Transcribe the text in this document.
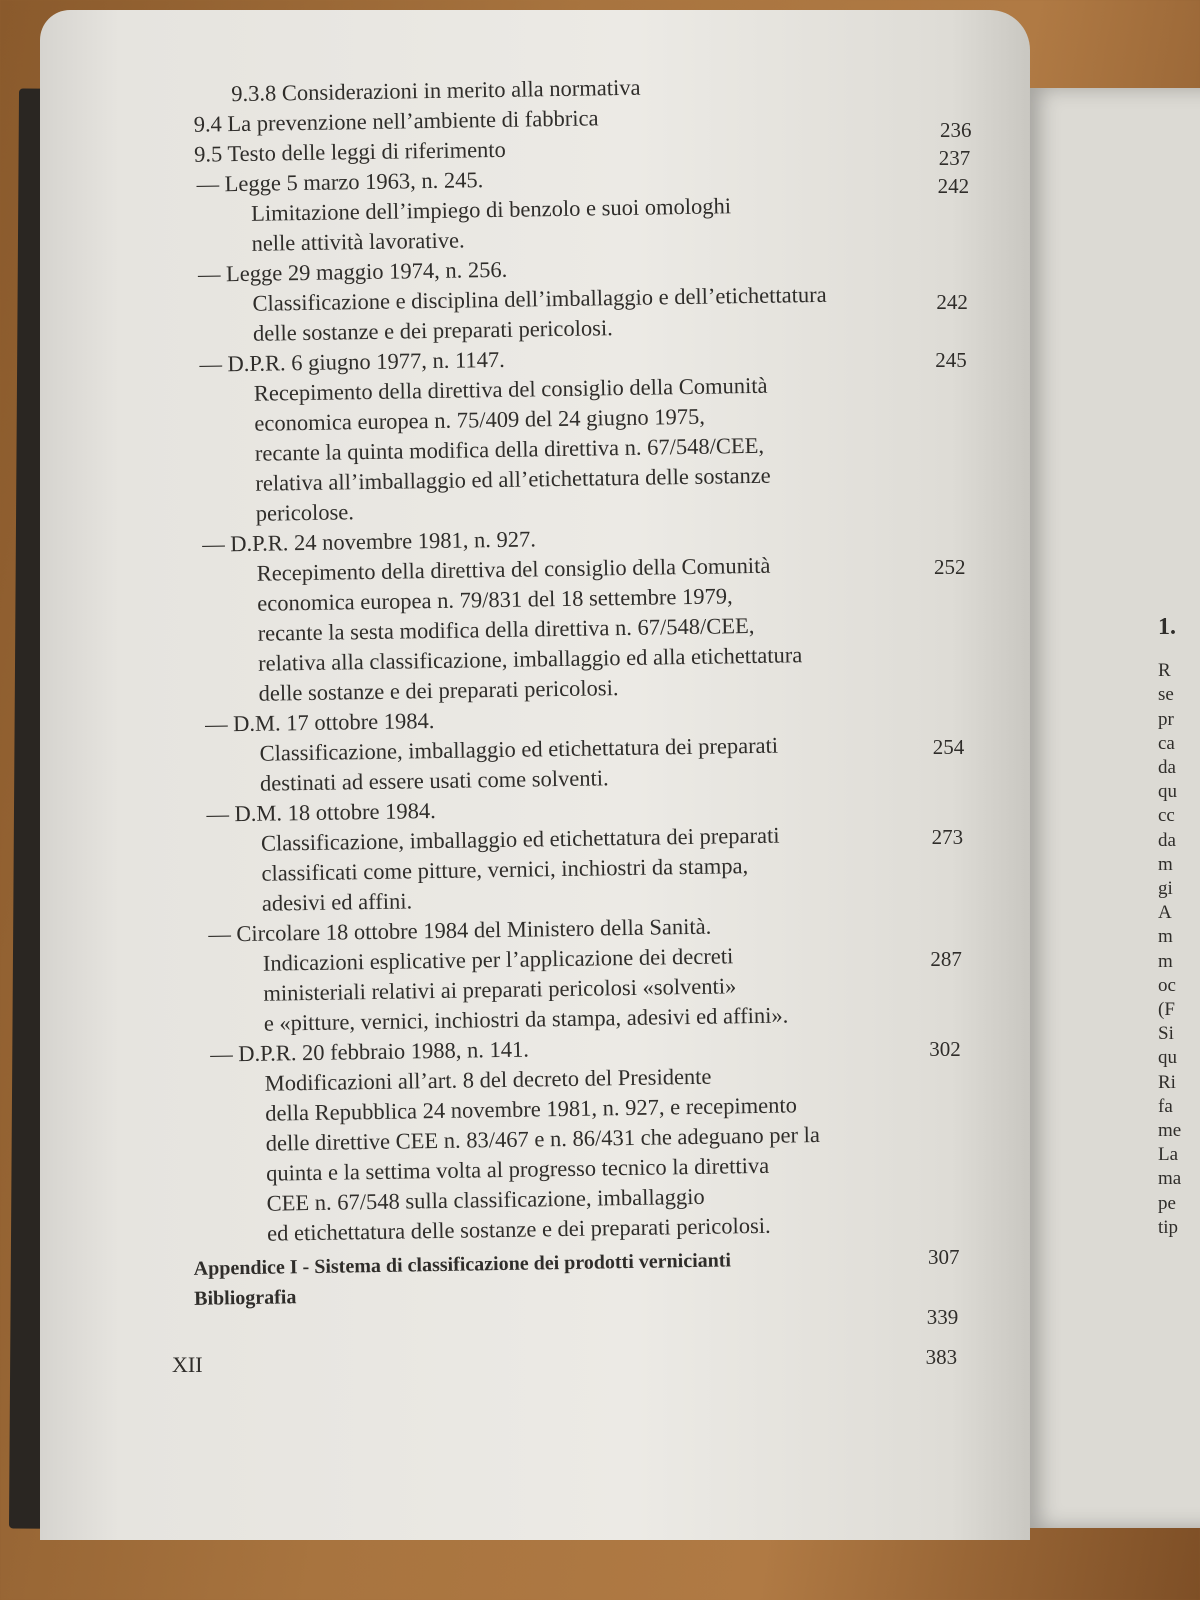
1.
R
se
pr
ca
da
qu
cc
da
m
gi
A
m
m
oc
(F
Si
qu
Ri
fa
me
La
ma
pe
tip
9.3.8 Considerazioni in merito alla normativa
9.4 La prevenzione nell’ambiente di fabbrica
9.5 Testo delle leggi di riferimento
— Legge 5 marzo 1963, n. 245.
Limitazione dell’impiego di benzolo e suoi omologhi
nelle attività lavorative.
— Legge 29 maggio 1974, n. 256.
Classificazione e disciplina dell’imballaggio e dell’etichettatura
delle sostanze e dei preparati pericolosi.
— D.P.R. 6 giugno 1977, n. 1147.
Recepimento della direttiva del consiglio della Comunità
economica europea n. 75/409 del 24 giugno 1975,
recante la quinta modifica della direttiva n. 67/548/CEE,
relativa all’imballaggio ed all’etichettatura delle sostanze
pericolose.
— D.P.R. 24 novembre 1981, n. 927.
Recepimento della direttiva del consiglio della Comunità
economica europea n. 79/831 del 18 settembre 1979,
recante la sesta modifica della direttiva n. 67/548/CEE,
relativa alla classificazione, imballaggio ed alla etichettatura
delle sostanze e dei preparati pericolosi.
— D.M. 17 ottobre 1984.
Classificazione, imballaggio ed etichettatura dei preparati
destinati ad essere usati come solventi.
— D.M. 18 ottobre 1984.
Classificazione, imballaggio ed etichettatura dei preparati
classificati come pitture, vernici, inchiostri da stampa,
adesivi ed affini.
— Circolare 18 ottobre 1984 del Ministero della Sanità.
Indicazioni esplicative per l’applicazione dei decreti
ministeriali relativi ai preparati pericolosi «solventi»
e «pitture, vernici, inchiostri da stampa, adesivi ed affini».
— D.P.R. 20 febbraio 1988, n. 141.
Modificazioni all’art. 8 del decreto del Presidente
della Repubblica 24 novembre 1981, n. 927, e recepimento
delle direttive CEE n. 83/467 e n. 86/431 che adeguano per la
quinta e la settima volta al progresso tecnico la direttiva
CEE n. 67/548 sulla classificazione, imballaggio
ed etichettatura delle sostanze e dei preparati pericolosi.
Appendice I - Sistema di classificazione dei prodotti vernicianti
Bibliografia
236
237
242
242
245
252
254
273
287
302
307
339
383
XII
